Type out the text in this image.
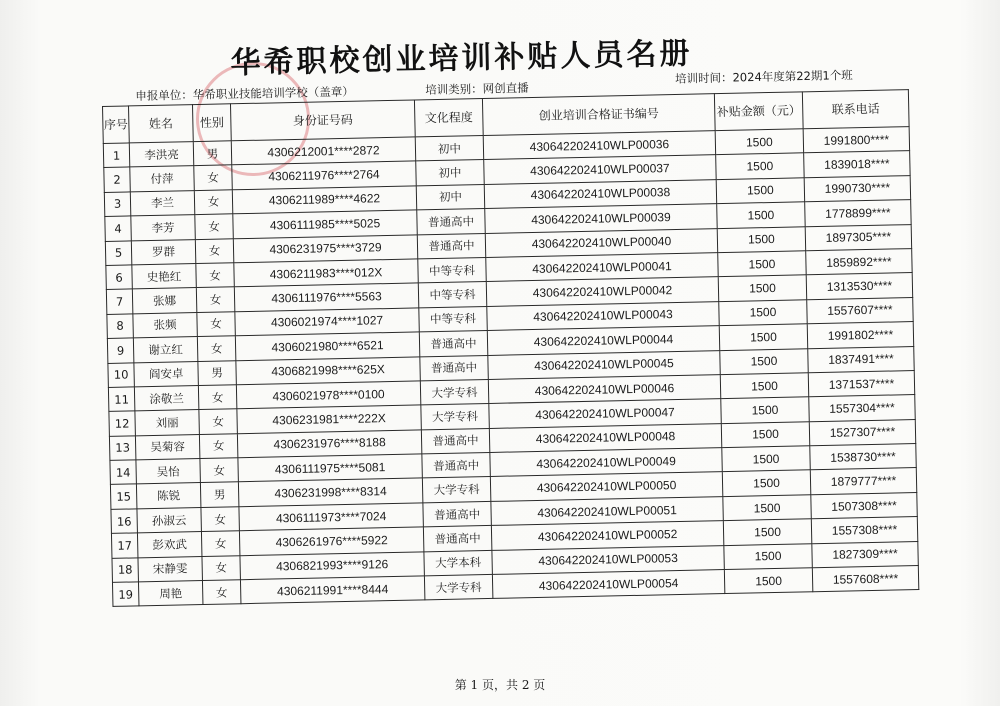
华希职校创业培训补贴人员名册
申报单位：华希职业技能培训学校（盖章）	培训类别：网创直播
培训时间：2024年度第22期1个班
序号	姓名	性别	身份证号码	文化程度	创业培训合格证书编号	补贴金额（元）	联系电话
1	李洪亮	男	4306212001****2872	初中	430642202410WLP00036	1500	1991800****
2	付萍	女	4306211976****2764	初中	430642202410WLP00037	1500	1839018****
3	李兰	女	4306211989****4622	初中	430642202410WLP00038	1500	1990730****
4	李芳	女	4306111985****5025	普通高中	430642202410WLP00039	1500	1778899****
5	罗群	女	4306231975****3729	普通高中	430642202410WLP00040	1500	1897305****
6	史艳红	女	4306211983****012X	中等专科	430642202410WLP00041	1500	1859892****
7	张娜	女	4306111976****5563	中等专科	430642202410WLP00042	1500	1313530****
8	张频	女	4306021974****1027	中等专科	430642202410WLP00043	1500	1557607****
9	谢立红	女	4306021980****6521	普通高中	430642202410WLP00044	1500	1991802****
10	阎安卓	男	4306821998****625X	普通高中	430642202410WLP00045	1500	1837491****
11	涂敬兰	女	4306021978****0100	大学专科	430642202410WLP00046	1500	1371537****
12	刘丽	女	4306231981****222X	大学专科	430642202410WLP00047	1500	1557304****
13	吴菊容	女	4306231976****8188	普通高中	430642202410WLP00048	1500	1527307****
14	吴怡	女	4306111975****5081	普通高中	430642202410WLP00049	1500	1538730****
15	陈锐	男	4306231998****8314	大学专科	430642202410WLP00050	1500	1879777****
16	孙淑云	女	4306111973****7024	普通高中	430642202410WLP00051	1500	1507308****
17	彭欢武	女	4306261976****5922	普通高中	430642202410WLP00052	1500	1557308****
18	宋静雯	女	4306821993****9126	大学本科	430642202410WLP00053	1500	1827309****
19	周艳	女	4306211991****8444	大学专科	430642202410WLP00054	1500	1557608****
第 1 页，共 2 页
